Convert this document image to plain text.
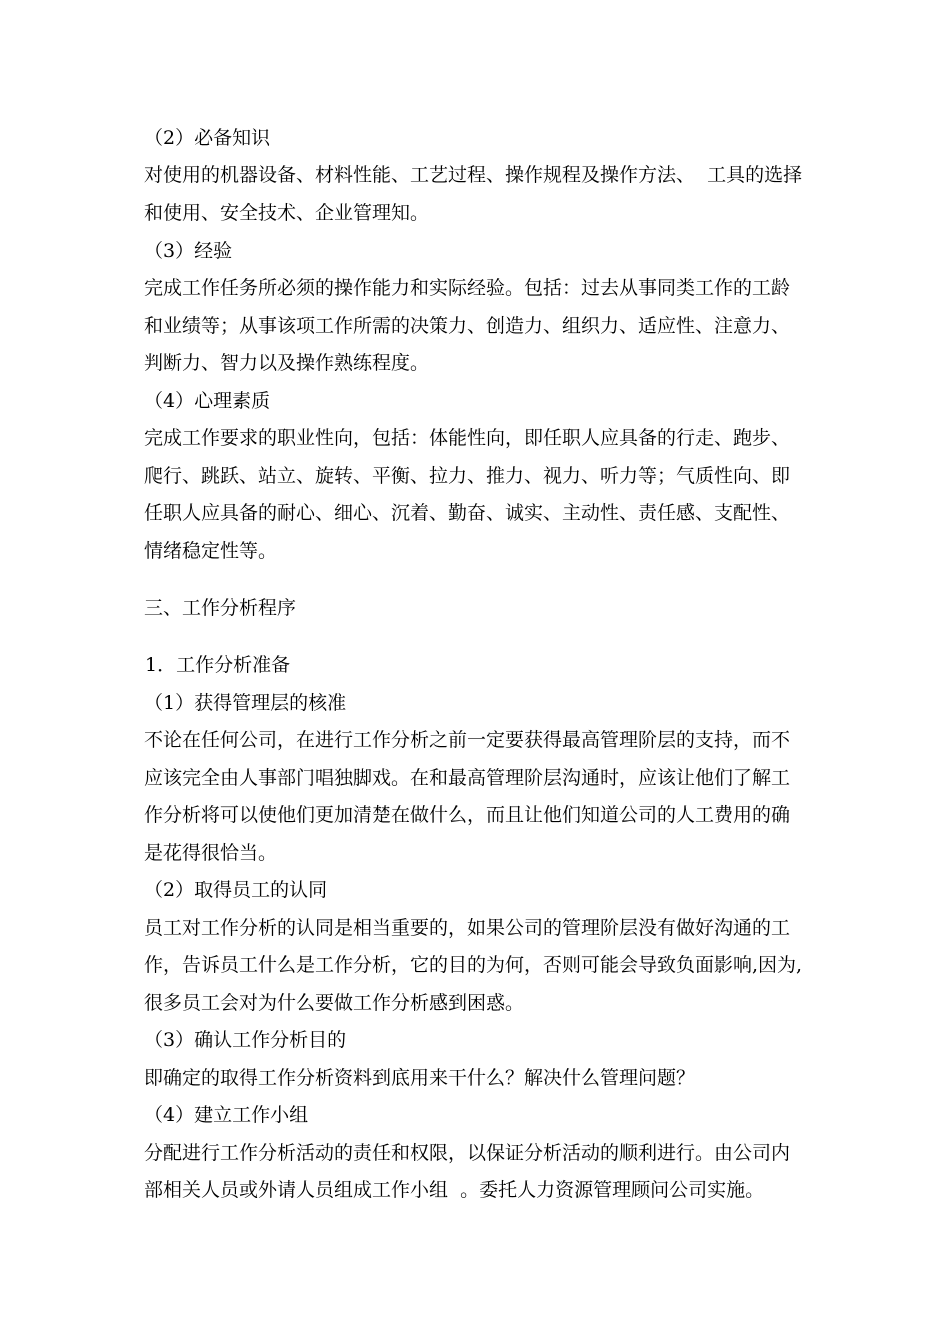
（2）必备知识
对使用的机器设备、材料性能、工艺过程、操作规程及操作方法、  工具的选择
和使用、安全技术、企业管理知。
（3）经验
完成工作任务所必须的操作能力和实际经验。包括：过去从事同类工作的工龄
和业绩等；从事该项工作所需的决策力、创造力、组织力、适应性、注意力、
判断力、智力以及操作熟练程度。
（4）心理素质
完成工作要求的职业性向，包括：体能性向，即任职人应具备的行走、跑步、
爬行、跳跃、站立、旋转、平衡、拉力、推力、视力、听力等；气质性向、即
任职人应具备的耐心、细心、沉着、勤奋、诚实、主动性、责任感、支配性、
情绪稳定性等。
三、工作分析程序
1．工作分析准备
（1）获得管理层的核准
不论在任何公司，在进行工作分析之前一定要获得最高管理阶层的支持，而不
应该完全由人事部门唱独脚戏。在和最高管理阶层沟通时，应该让他们了解工
作分析将可以使他们更加清楚在做什么，而且让他们知道公司的人工费用的确
是花得很恰当。
（2）取得员工的认同
员工对工作分析的认同是相当重要的，如果公司的管理阶层没有做好沟通的工
作，告诉员工什么是工作分析，它的目的为何，否则可能会导致负面影响,因为,
很多员工会对为什么要做工作分析感到困惑。
（3）确认工作分析目的
即确定的取得工作分析资料到底用来干什么？解决什么管理问题？
（4）建立工作小组
分配进行工作分析活动的责任和权限，以保证分析活动的顺利进行。由公司内
部相关人员或外请人员组成工作小组  。委托人力资源管理顾问公司实施。
